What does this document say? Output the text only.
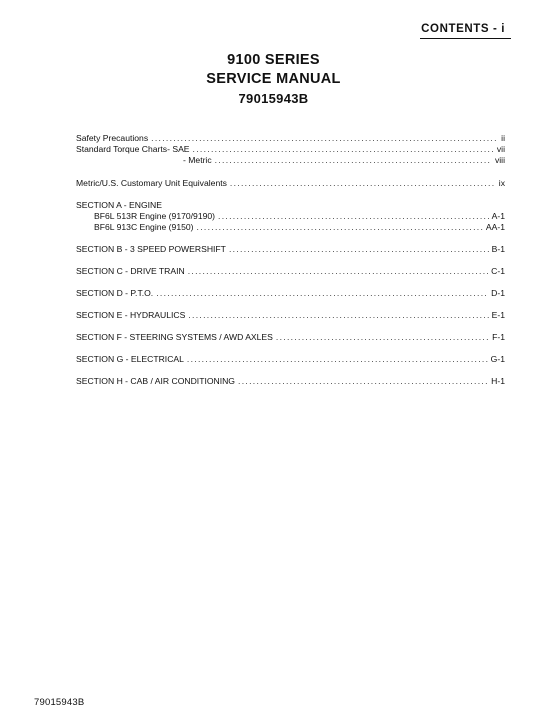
CONTENTS - i
9100 SERIES
SERVICE MANUAL
79015943B
Safety Precautions .....	ii
Standard Torque Charts - SAE .....	vii
- Metric .....	viii
Metric/U.S. Customary Unit Equivalents .....	ix
SECTION A - ENGINE
BF6L 513R Engine (9170/9190) .....	A-1
BF6L 913C Engine (9150) .....	AA-1
SECTION B - 3 SPEED POWERSHIFT .....	B-1
SECTION C - DRIVE TRAIN .....	C-1
SECTION D - P.T.O. .....	D-1
SECTION E - HYDRAULICS .....	E-1
SECTION F - STEERING SYSTEMS / AWD AXLES .....	F-1
SECTION G - ELECTRICAL .....	G-1
SECTION H - CAB / AIR CONDITIONING .....	H-1
79015943B
